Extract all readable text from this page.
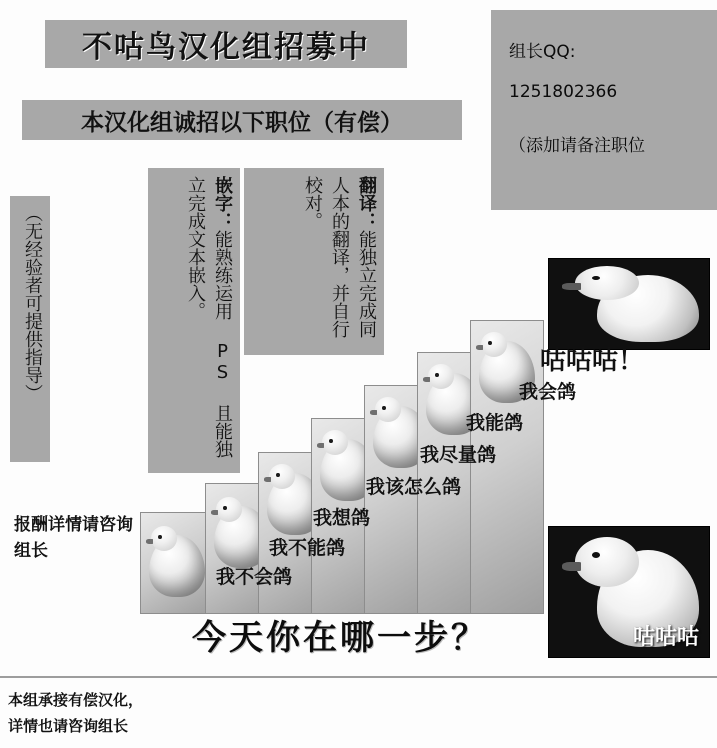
不咕鸟汉化组招募中
本汉化组诚招以下职位（有偿）
组长QQ:
1251802366
（添加请备注职位
嵌字：能熟练运用 PS 且能独立完成文本嵌入。	翻译：能独立完成同人本的翻译，并自行校对。
（无经验者可提供指导）
我不会鸽
我不能鸽
我想鸽
我该怎么鸽
我尽量鸽
我能鸽
我会鸽
咕咕咕！
咕咕咕
今天你在哪一步？
报酬详情请咨询组长
本组承接有偿汉化，
详情也请咨询组长
